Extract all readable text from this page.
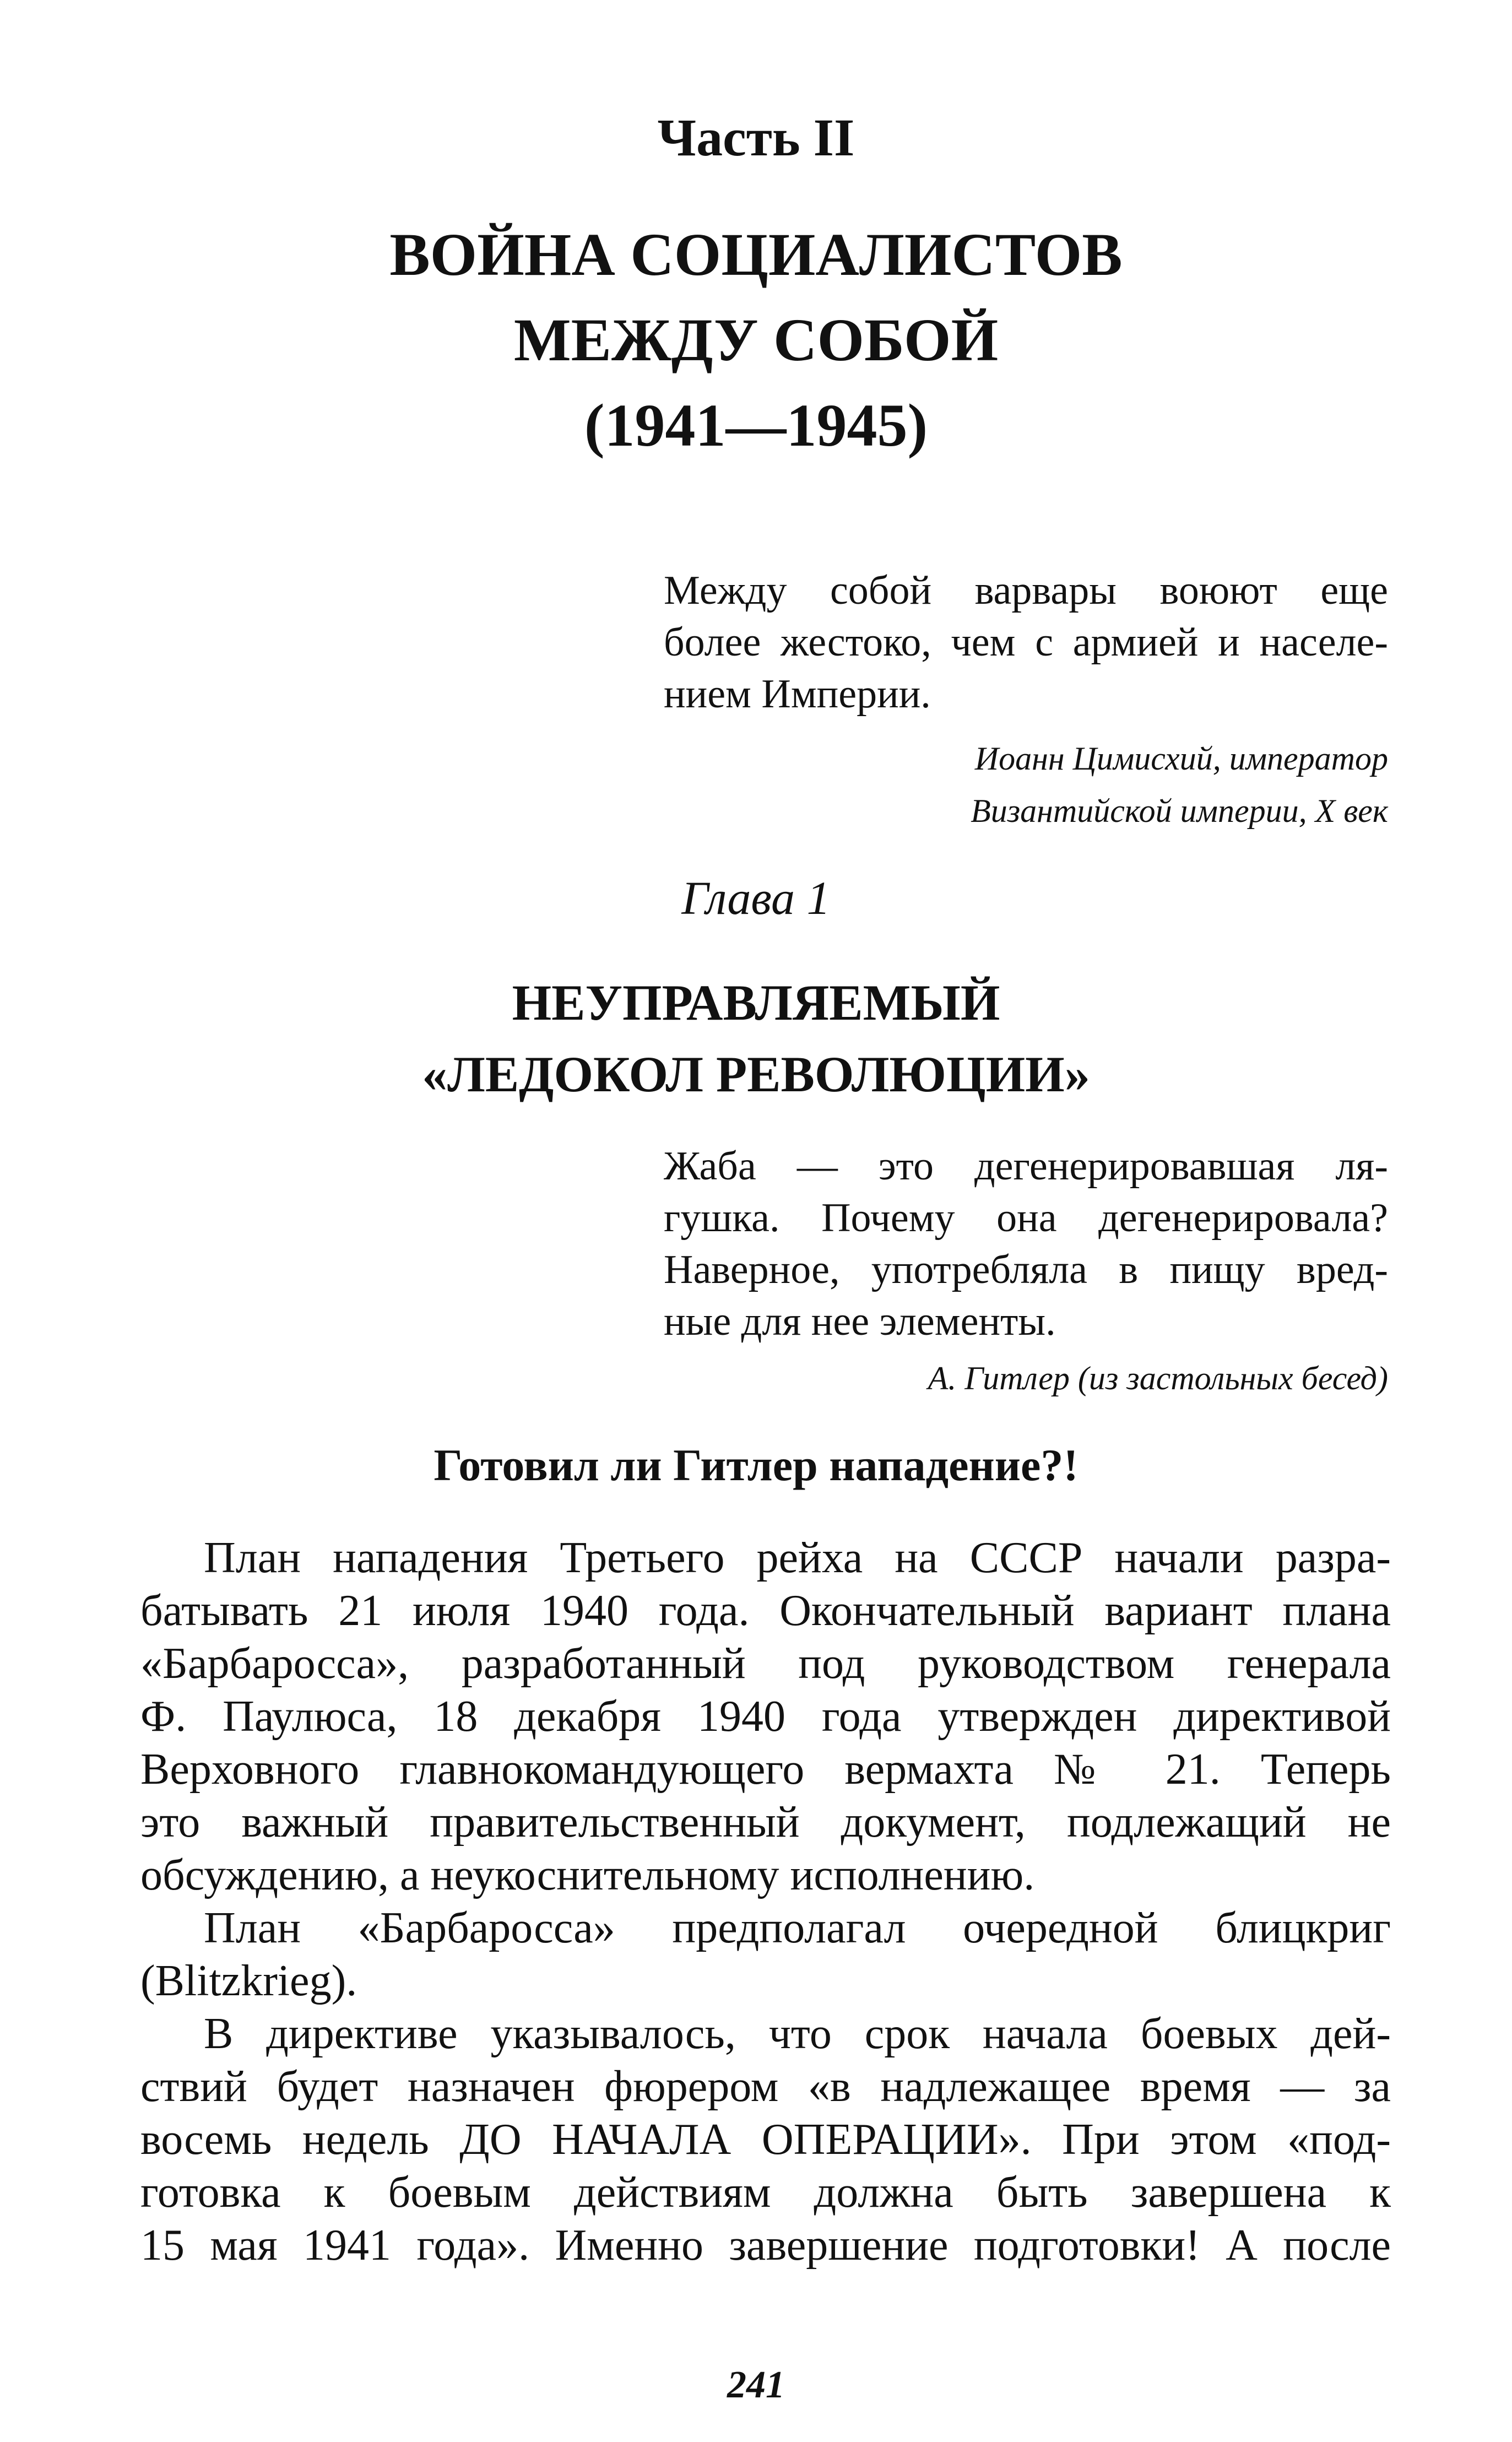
Часть II
ВОЙНА СОЦИАЛИСТОВ
МЕЖДУ СОБОЙ
(1941—1945)
Между собой варвары воюют еще
более жестоко, чем с армией и населе-
нием Империи.
Иоанн Цимисхий, император
Византийской империи, X век
Глава 1
НЕУПРАВЛЯЕМЫЙ
«ЛЕДОКОЛ РЕВОЛЮЦИИ»
Жаба — это дегенерировавшая ля-
гушка. Почему она дегенерировала?
Наверное, употребляла в пищу вред-
ные для нее элементы.
А. Гитлер (из застольных бесед)
Готовил ли Гитлер нападение?!
План нападения Третьего рейха на СССР начали разра-
батывать 21 июля 1940 года. Окончательный вариант плана
«Барбаросса», разработанный под руководством генерала
Ф. Паулюса, 18 декабря 1940 года утвержден директивой
Верховного главнокомандующего вермахта № 21. Теперь
это важный правительственный документ, подлежащий не
обсуждению, а неукоснительному исполнению.
План «Барбаросса» предполагал очередной блицкриг
(Blitzkrieg).
В директиве указывалось, что срок начала боевых дей-
ствий будет назначен фюрером «в надлежащее время — за
восемь недель ДО НАЧАЛА ОПЕРАЦИИ». При этом «под-
готовка к боевым действиям должна быть завершена к
15 мая 1941 года». Именно завершение подготовки! А после
241
